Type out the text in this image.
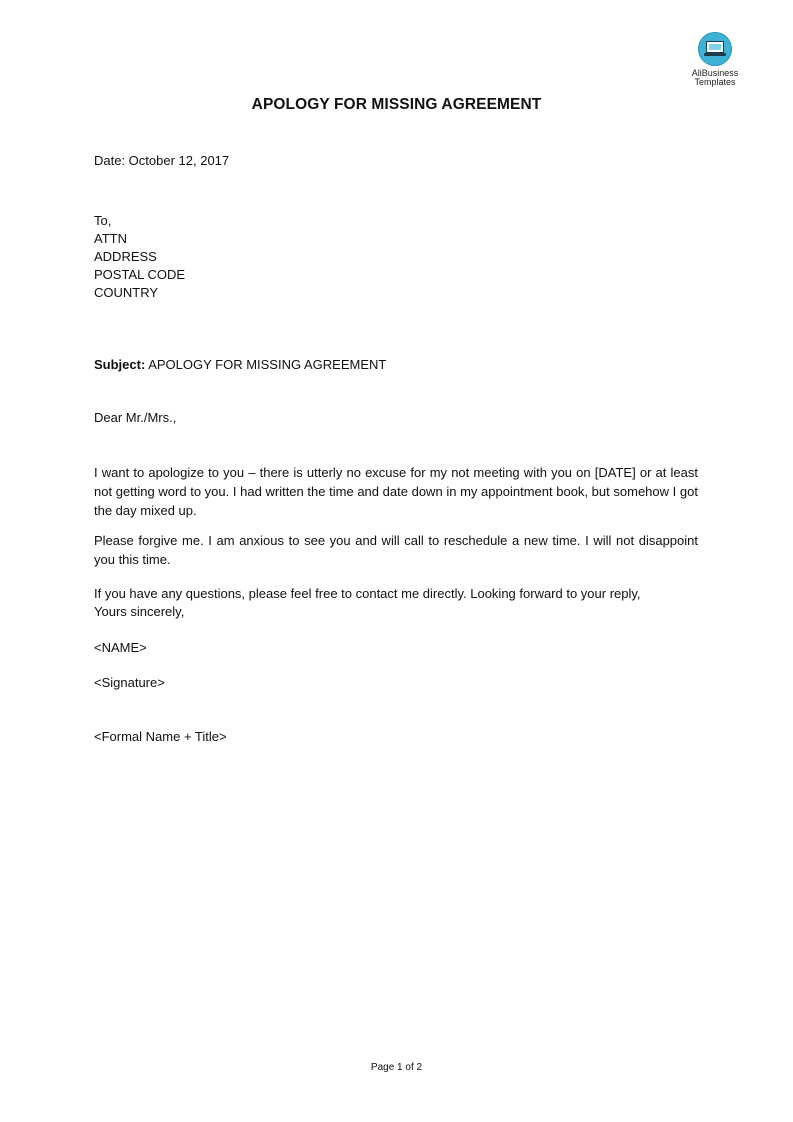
AliBusiness
Templates
APOLOGY FOR MISSING AGREEMENT
Date: October 12, 2017
To,
ATTN
ADDRESS
POSTAL CODE
COUNTRY
Subject: APOLOGY FOR MISSING AGREEMENT
Dear Mr./Mrs.,
I want to apologize to you – there is utterly no excuse for my not meeting with you on [DATE] or at least not getting word to you. I had written the time and date down in my appointment book, but somehow I got the day mixed up.
Please forgive me. I am anxious to see you and will call to reschedule a new time. I will not disappoint you this time.
If you have any questions, please feel free to contact me directly. Looking forward to your reply,
Yours sincerely,
<NAME>
<Signature>
<Formal Name + Title>
Page 1 of 2
